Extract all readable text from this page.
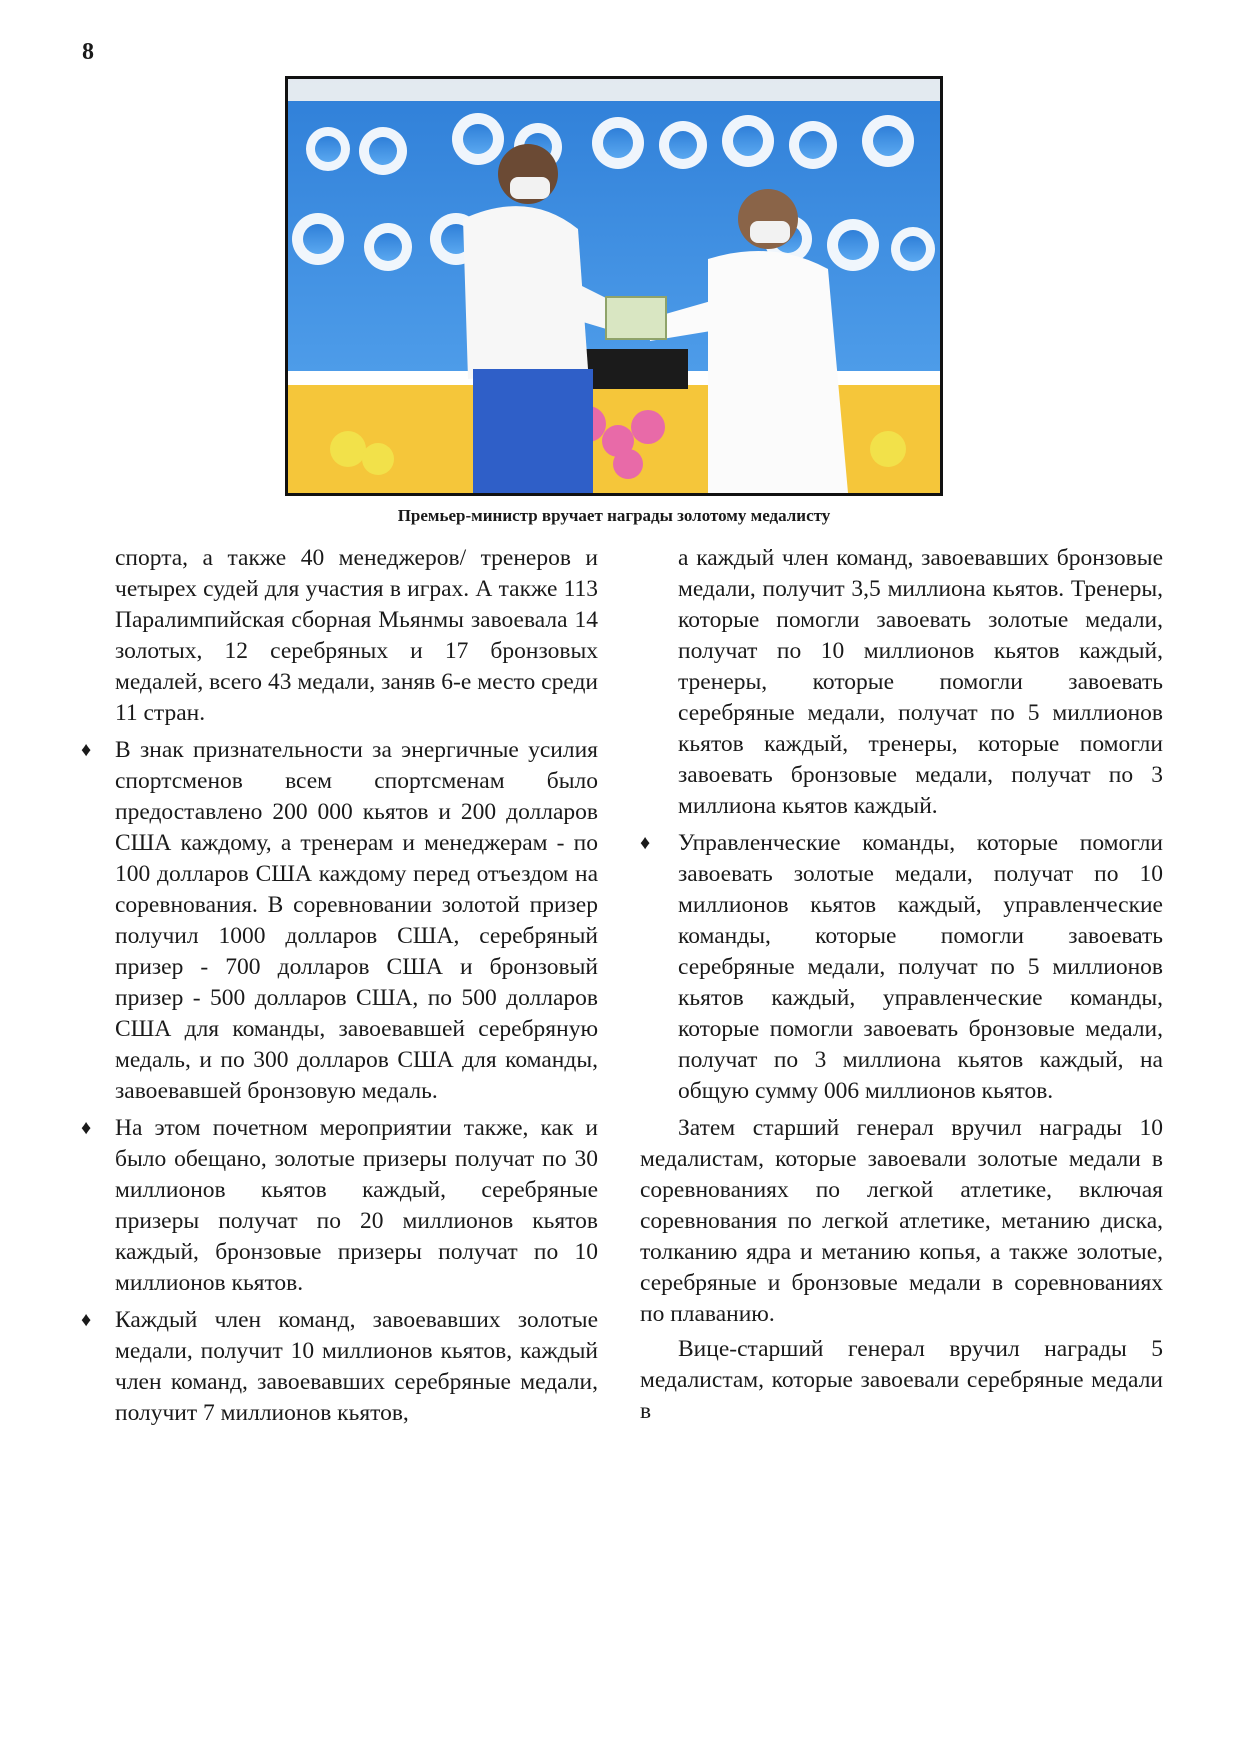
8
Премьер-министр вручает награды золотому медалисту

спорта, а также 40 менеджеров/ тренеров и четырех судей для участия в играх. А также 113 Паралимпийская сборная Мьянмы завоевала 14 золотых, 12 серебряных и 17 бронзовых медалей, всего 43 медали, заняв 6-е место среди 11 стран.

♦ В знак признательности за энергичные усилия спортсменов всем спортсменам было предоставлено 200 000 кьятов и 200 долларов США каждому, а тренерам и менеджерам - по 100 долларов США каждому перед отъездом на соревнования. В соревновании золотой призер получил 1000 долларов США, серебряный призер - 700 долларов США и бронзовый призер - 500 долларов США, по 500 долларов США для команды, завоевавшей серебряную медаль, и по 300 долларов США для команды, завоевавшей бронзовую медаль.

♦ На этом почетном мероприятии также, как и было обещано, золотые призеры получат по 30 миллионов кьятов каждый, серебряные призеры получат по 20 миллионов кьятов каждый, бронзовые призеры получат по 10 миллионов кьятов.

♦ Каждый член команд, завоевавших золотые медали, получит 10 миллионов кьятов, каждый член команд, завоевавших серебряные медали, получит 7 миллионов кьятов,

а каждый член команд, завоевавших бронзовые медали, получит 3,5 миллиона кьятов. Тренеры, которые помогли завоевать золотые медали, получат по 10 миллионов кьятов каждый, тренеры, которые помогли завоевать серебряные медали, получат по 5 миллионов кьятов каждый, тренеры, которые помогли завоевать бронзовые медали, получат по 3 миллиона кьятов каждый.

♦ Управленческие команды, которые помогли завоевать золотые медали, получат по 10 миллионов кьятов каждый, управленческие команды, которые помогли завоевать серебряные медали, получат по 5 миллионов кьятов каждый, управленческие команды, которые помогли завоевать бронзовые медали, получат по 3 миллиона кьятов каждый, на общую сумму 006 миллионов кьятов.

Затем старший генерал вручил награды 10 медалистам, которые завоевали золотые медали в соревнованиях по легкой атлетике, включая соревнования по легкой атлетике, метанию диска, толканию ядра и метанию копья, а также золотые, серебряные и бронзовые медали в соревнованиях по плаванию.

Вице-старший генерал вручил награды 5 медалистам, которые завоевали серебряные медали в
